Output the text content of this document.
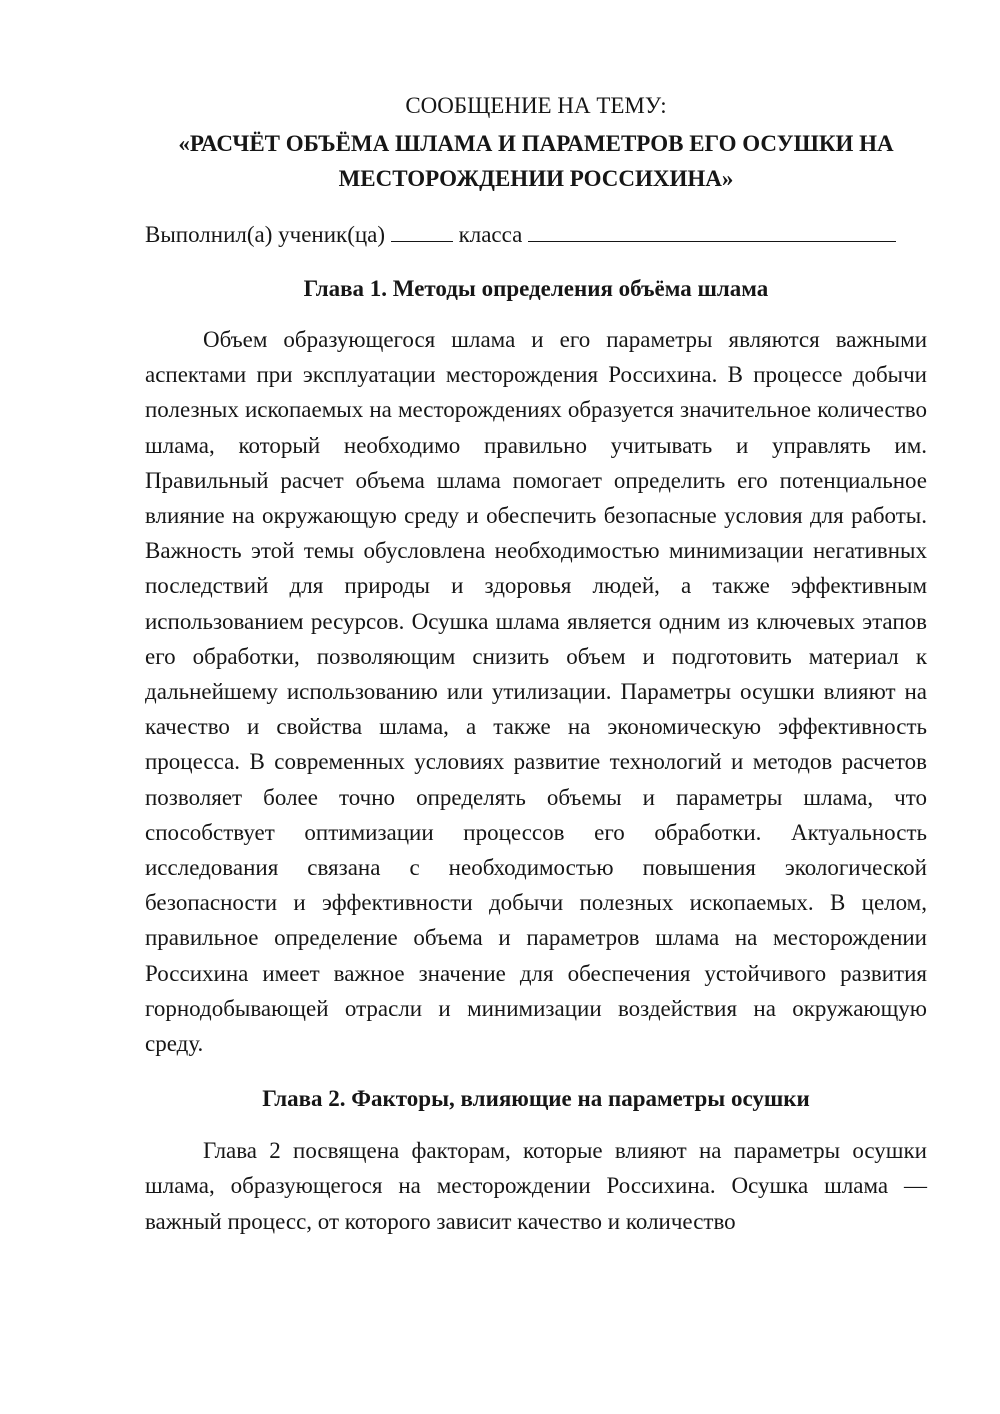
СООБЩЕНИЕ НА ТЕМУ:

«РАСЧЁТ ОБЪЁМА ШЛАМА И ПАРАМЕТРОВ ЕГО ОСУШКИ НА
МЕСТОРОЖДЕНИИ РОССИХИНА»

Выполнил(а) ученик(ца)	класса

Глава 1. Методы определения объёма шлама

Объем образующегося шлама и его параметры являются важными аспектами при эксплуатации месторождения Россихина. В процессе добычи полезных ископаемых на месторождениях образуется значительное количество шлама, который необходимо правильно учитывать и управлять им. Правильный расчет объема шлама помогает определить его потенциальное влияние на окружающую среду и обеспечить безопасные условия для работы. Важность этой темы обусловлена необходимостью минимизации негативных последствий для природы и здоровья людей, а также эффективным использованием ресурсов. Осушка шлама является одним из ключевых этапов его обработки, позволяющим снизить объем и подготовить материал к дальнейшему использованию или утилизации. Параметры осушки влияют на качество и свойства шлама, а также на экономическую эффективность процесса. В современных условиях развитие технологий и методов расчетов позволяет более точно определять объемы и параметры шлама, что способствует оптимизации процессов его обработки. Актуальность исследования связана с необходимостью повышения экологической безопасности и эффективности добычи полезных ископаемых. В целом, правильное определение объема и параметров шлама на месторождении Россихина имеет важное значение для обеспечения устойчивого развития горнодобывающей отрасли и минимизации воздействия на окружающую среду.

Глава 2. Факторы, влияющие на параметры осушки

Глава 2 посвящена факторам, которые влияют на параметры осушки шлама, образующегося на месторождении Россихина. Осушка шлама — важный процесс, от которого зависит качество и количество
